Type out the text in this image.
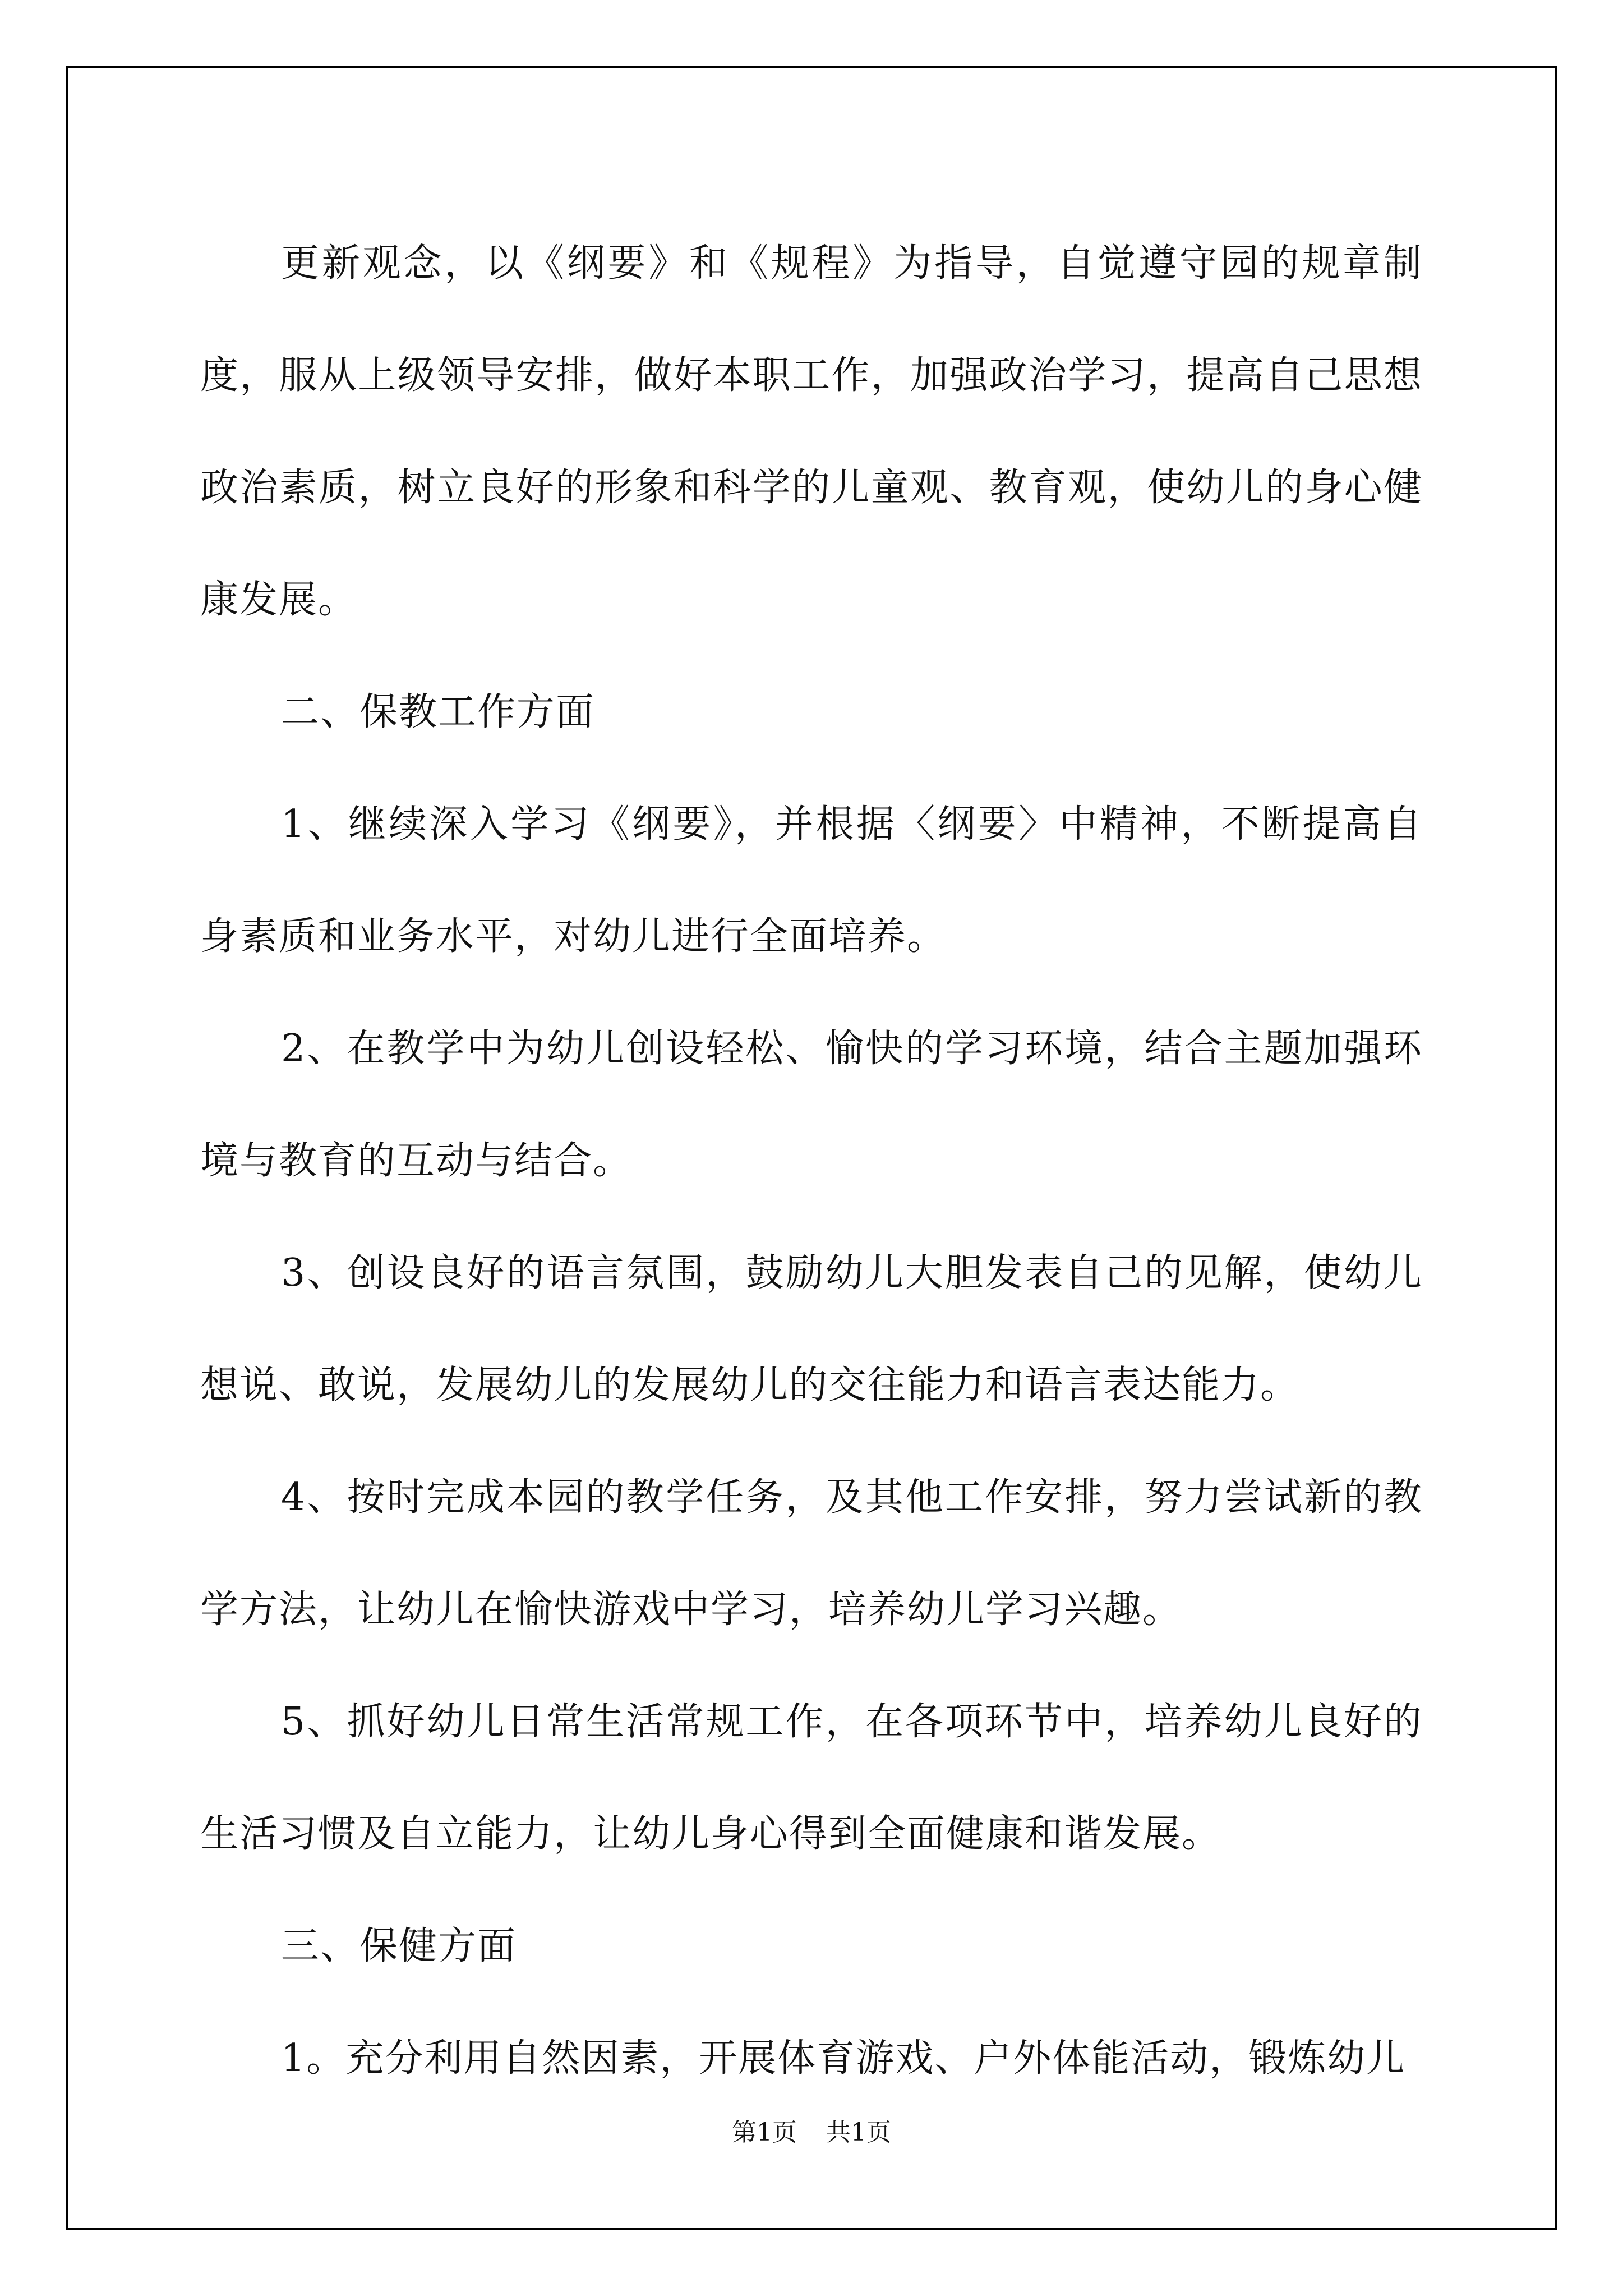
更新观念，以《纲要》和《规程》为指导，自觉遵守园的规章制度，服从上级领导安排，做好本职工作，加强政治学习，提高自己思想政治素质，树立良好的形象和科学的儿童观、教育观，使幼儿的身心健康发展。

二、保教工作方面

1、继续深入学习《纲要》，并根据〈纲要〉中精神，不断提高自身素质和业务水平，对幼儿进行全面培养。

2、在教学中为幼儿创设轻松、愉快的学习环境，结合主题加强环境与教育的互动与结合。

3、创设良好的语言氛围，鼓励幼儿大胆发表自己的见解，使幼儿想说、敢说，发展幼儿的发展幼儿的交往能力和语言表达能力。

4、按时完成本园的教学任务，及其他工作安排，努力尝试新的教学方法，让幼儿在愉快游戏中学习，培养幼儿学习兴趣。

5、抓好幼儿日常生活常规工作，在各项环节中，培养幼儿良好的生活习惯及自立能力，让幼儿身心得到全面健康和谐发展。

三、保健方面

1。充分利用自然因素，开展体育游戏、户外体能活动，锻炼幼儿

第1页 共1页
